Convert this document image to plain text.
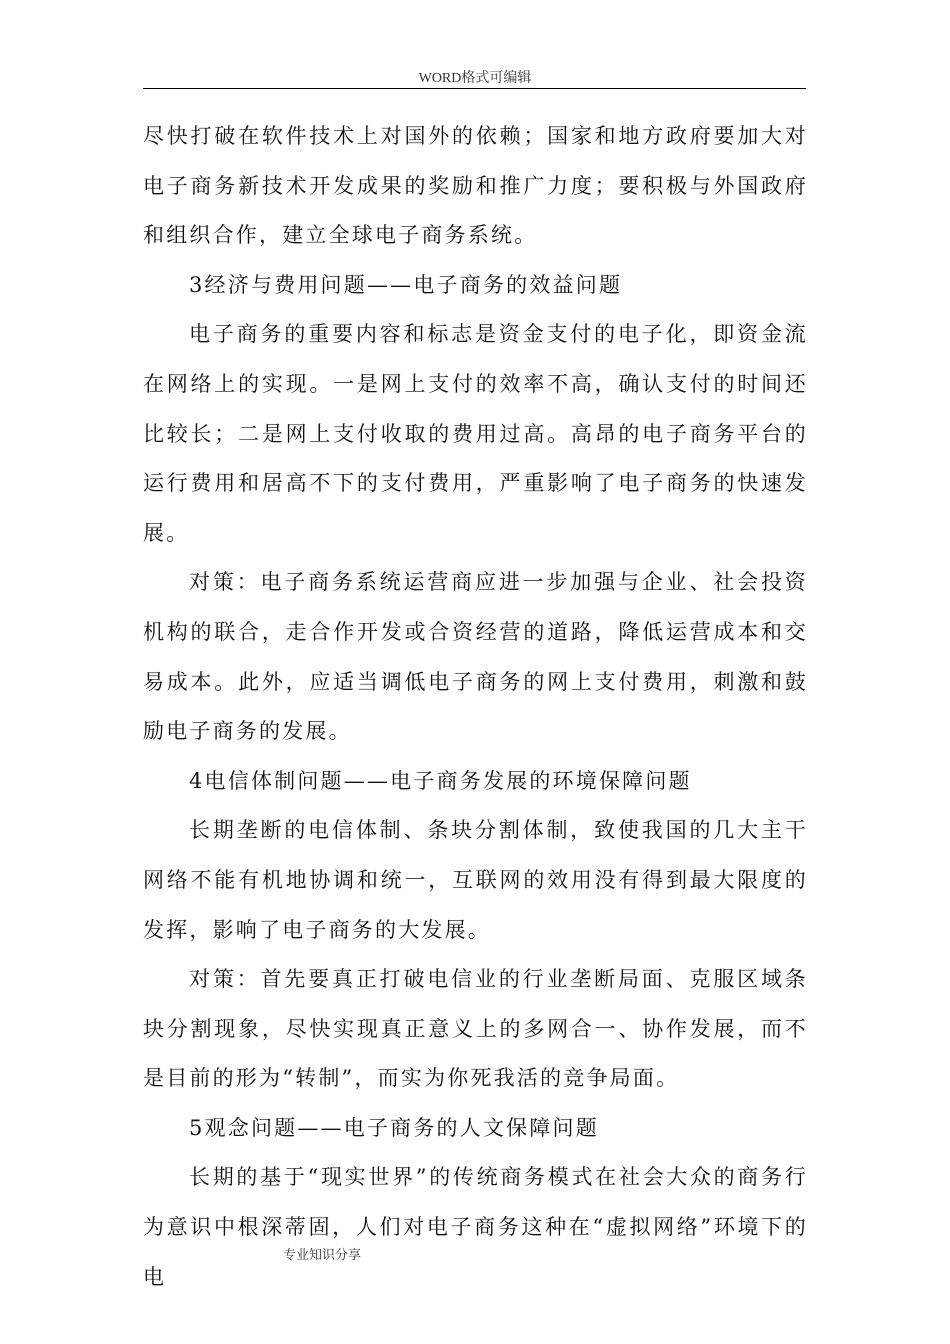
WORD格式可编辑

尽快打破在软件技术上对国外的依赖；国家和地方政府要加大对电子商务新技术开发成果的奖励和推广力度；要积极与外国政府和组织合作，建立全球电子商务系统。

3经济与费用问题——电子商务的效益问题

电子商务的重要内容和标志是资金支付的电子化，即资金流在网络上的实现。一是网上支付的效率不高，确认支付的时间还比较长；二是网上支付收取的费用过高。高昂的电子商务平台的运行费用和居高不下的支付费用，严重影响了电子商务的快速发展。

对策：电子商务系统运营商应进一步加强与企业、社会投资机构的联合，走合作开发或合资经营的道路，降低运营成本和交易成本。此外，应适当调低电子商务的网上支付费用，刺激和鼓励电子商务的发展。

4电信体制问题——电子商务发展的环境保障问题

长期垄断的电信体制、条块分割体制，致使我国的几大主干网络不能有机地协调和统一，互联网的效用没有得到最大限度的发挥，影响了电子商务的大发展。

对策：首先要真正打破电信业的行业垄断局面、克服区域条块分割现象，尽快实现真正意义上的多网合一、协作发展，而不是目前的形为“转制”，而实为你死我活的竞争局面。

5观念问题——电子商务的人文保障问题

长期的基于“现实世界”的传统商务模式在社会大众的商务行为意识中根深蒂固，人们对电子商务这种在“虚拟网络”环境下的电

专业知识分享
